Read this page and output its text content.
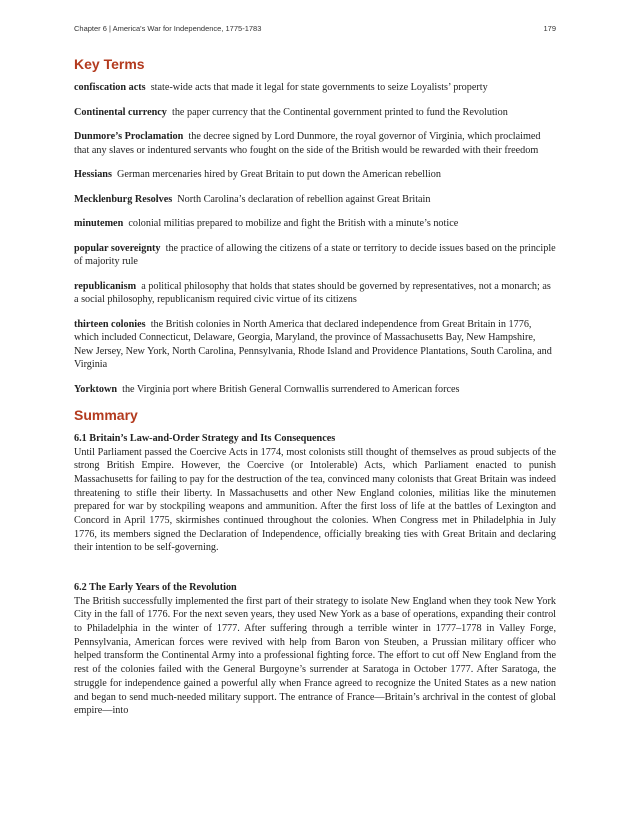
Chapter 6 | America's War for Independence, 1775-1783	179
Key Terms

confiscation acts state-wide acts that made it legal for state governments to seize Loyalists’ property

Continental currency the paper currency that the Continental government printed to fund the Revolution

Dunmore’s Proclamation the decree signed by Lord Dunmore, the royal governor of Virginia, which proclaimed that any slaves or indentured servants who fought on the side of the British would be rewarded with their freedom

Hessians German mercenaries hired by Great Britain to put down the American rebellion

Mecklenburg Resolves North Carolina’s declaration of rebellion against Great Britain

minutemen colonial militias prepared to mobilize and fight the British with a minute’s notice

popular sovereignty the practice of allowing the citizens of a state or territory to decide issues based on the principle of majority rule

republicanism a political philosophy that holds that states should be governed by representatives, not a monarch; as a social philosophy, republicanism required civic virtue of its citizens

thirteen colonies the British colonies in North America that declared independence from Great Britain in 1776, which included Connecticut, Delaware, Georgia, Maryland, the province of Massachusetts Bay, New Hampshire, New Jersey, New York, North Carolina, Pennsylvania, Rhode Island and Providence Plantations, South Carolina, and Virginia

Yorktown the Virginia port where British General Cornwallis surrendered to American forces

Summary

6.1 Britain’s Law-and-Order Strategy and Its Consequences

Until Parliament passed the Coercive Acts in 1774, most colonists still thought of themselves as proud subjects of the strong British Empire. However, the Coercive (or Intolerable) Acts, which Parliament enacted to punish Massachusetts for failing to pay for the destruction of the tea, convinced many colonists that Great Britain was indeed threatening to stifle their liberty. In Massachusetts and other New England colonies, militias like the minutemen prepared for war by stockpiling weapons and ammunition. After the first loss of life at the battles of Lexington and Concord in April 1775, skirmishes continued throughout the colonies. When Congress met in Philadelphia in July 1776, its members signed the Declaration of Independence, officially breaking ties with Great Britain and declaring their intention to be self-governing.

6.2 The Early Years of the Revolution

The British successfully implemented the first part of their strategy to isolate New England when they took New York City in the fall of 1776. For the next seven years, they used New York as a base of operations, expanding their control to Philadelphia in the winter of 1777. After suffering through a terrible winter in 1777–1778 in Valley Forge, Pennsylvania, American forces were revived with help from Baron von Steuben, a Prussian military officer who helped transform the Continental Army into a professional fighting force. The effort to cut off New England from the rest of the colonies failed with the General Burgoyne’s surrender at Saratoga in October 1777. After Saratoga, the struggle for independence gained a powerful ally when France agreed to recognize the United States as a new nation and began to send much-needed military support. The entrance of France—Britain’s archrival in the contest of global empire—into
